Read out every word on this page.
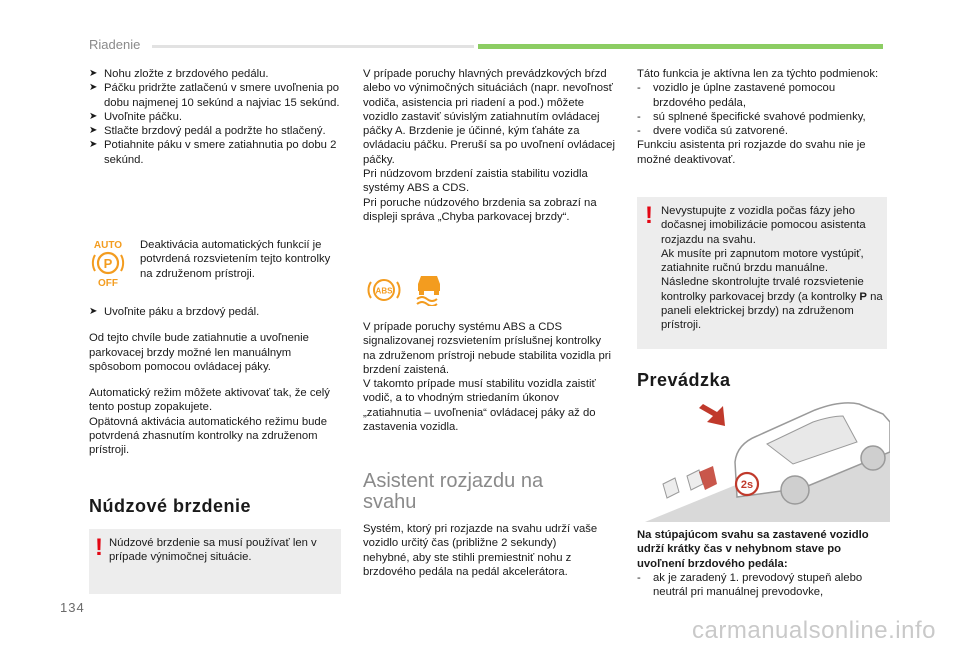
Riadenie

➤ Nohu zložte z brzdového pedálu.

➤ Páčku pridržte zatlačenú v smere uvoľnenia po dobu najmenej 10 sekúnd a najviac 15 sekúnd.

➤ Uvoľnite páčku.

➤ Stlačte brzdový pedál a podržte ho stlačený.

➤ Potiahnite páku v smere zatiahnutia po dobu 2 sekúnd.

AUTO
P
OFF
Deaktivácia automatických funkcií je potvrdená rozsvietením tejto kontrolky na združenom prístroji.

➤ Uvoľnite páku a brzdový pedál.

Od tejto chvíle bude zatiahnutie a uvoľnenie parkovacej brzdy možné len manuálnym spôsobom pomocou ovládacej páky.

Automatický režim môžete aktivovať tak, že celý tento postup zopakujete.

Opätovná aktivácia automatického režimu bude potvrdená zhasnutím kontrolky na združenom prístroji.

Núdzové brzdenie
! Núdzové brzdenie sa musí používať len v prípade výnimočnej situácie.

V prípade poruchy hlavných prevádzkových bŕzd alebo vo výnimočných situáciách (napr. nevoľnosť vodiča, asistencia pri riadení a pod.) môžete vozidlo zastaviť súvislým zatiahnutím ovládacej páčky A. Brzdenie je účinné, kým ťaháte za ovládaciu páčku. Preruší sa po uvoľnení ovládacej páčky.

Pri núdzovom brzdení zaistia stabilitu vozidla systémy ABS a CDS.

Pri poruche núdzového brzdenia sa zobrazí na displeji správa „Chyba parkovacej brzdy“.

ABS

V prípade poruchy systému ABS a CDS signalizovanej rozsvietením príslušnej kontrolky na združenom prístroji nebude stabilita vozidla pri brzdení zaistená.

V takomto prípade musí stabilitu vozidla zaistiť vodič, a to vhodným striedaním úkonov „zatiahnutia – uvoľnenia“ ovládacej páky až do zastavenia vozidla.

Asistent rozjazdu na
svahu
Systém, ktorý pri rozjazde na svahu udrží vaše vozidlo určitý čas (približne 2 sekundy) nehybné, aby ste stihli premiestniť nohu z brzdového pedála na pedál akcelerátora.

Táto funkcia je aktívna len za týchto podmienok:

- vozidlo je úplne zastavené pomocou brzdového pedála,

- sú splnené špecifické svahové podmienky,

- dvere vodiča sú zatvorené.

Funkciu asistenta pri rozjazde do svahu nie je možné deaktivovať.

! Nevystupujte z vozidla počas fázy jeho dočasnej imobilizácie pomocou asistenta rozjazdu na svahu.
Ak musíte pri zapnutom motore vystúpiť, zatiahnite ručnú brzdu manuálne.
Následne skontrolujte trvalé rozsvietenie kontrolky parkovacej brzdy (a kontrolky P na paneli elektrickej brzdy) na združenom prístroji.
Prevádzka
2s

Na stúpajúcom svahu sa zastavené vozidlo udrží krátky čas v nehybnom stave po uvoľnení brzdového pedála:

- ak je zaradený 1. prevodový stupeň alebo neutrál pri manuálnej prevodovke,

134
carmanualsonline.info
